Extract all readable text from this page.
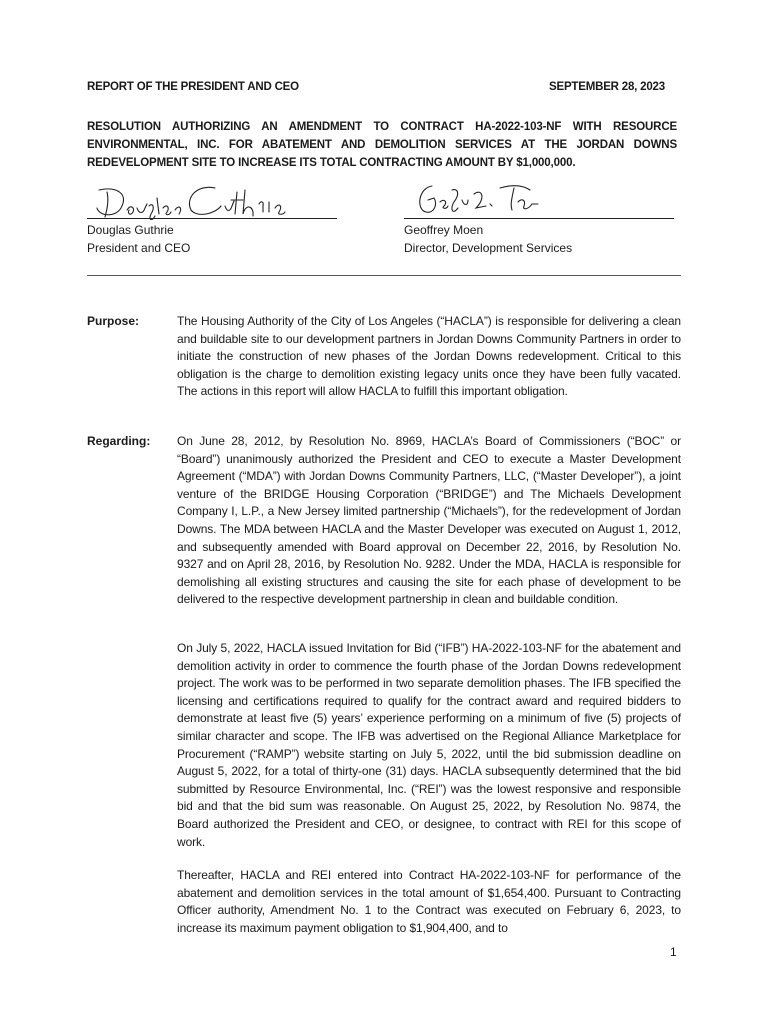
REPORT OF THE PRESIDENT AND CEO	SEPTEMBER 28, 2023
RESOLUTION AUTHORIZING AN AMENDMENT TO CONTRACT HA-2022-103-NF WITH RESOURCE ENVIRONMENTAL, INC. FOR ABATEMENT AND DEMOLITION SERVICES AT THE JORDAN DOWNS REDEVELOPMENT SITE TO INCREASE ITS TOTAL CONTRACTING AMOUNT BY $1,000,000.
Douglas Guthrie
President and CEO
Geoffrey Moen
Director, Development Services
Purpose:	The Housing Authority of the City of Los Angeles (“HACLA”) is responsible for delivering a clean and buildable site to our development partners in Jordan Downs Community Partners in order to initiate the construction of new phases of the Jordan Downs redevelopment. Critical to this obligation is the charge to demolition existing legacy units once they have been fully vacated. The actions in this report will allow HACLA to fulfill this important obligation.
Regarding: On June 28, 2012, by Resolution No. 8969, HACLA’s Board of Commissioners (“BOC” or “Board”) unanimously authorized the President and CEO to execute a Master Development Agreement (“MDA”) with Jordan Downs Community Partners, LLC, (“Master Developer”), a joint venture of the BRIDGE Housing Corporation (“BRIDGE”) and The Michaels Development Company I, L.P., a New Jersey limited partnership (“Michaels”), for the redevelopment of Jordan Downs. The MDA between HACLA and the Master Developer was executed on August 1, 2012, and subsequently amended with Board approval on December 22, 2016, by Resolution No. 9327 and on April 28, 2016, by Resolution No. 9282. Under the MDA, HACLA is responsible for demolishing all existing structures and causing the site for each phase of development to be delivered to the respective development partnership in clean and buildable condition.
On July 5, 2022, HACLA issued Invitation for Bid (“IFB”) HA-2022-103-NF for the abatement and demolition activity in order to commence the fourth phase of the Jordan Downs redevelopment project. The work was to be performed in two separate demolition phases. The IFB specified the licensing and certifications required to qualify for the contract award and required bidders to demonstrate at least five (5) years’ experience performing on a minimum of five (5) projects of similar character and scope. The IFB was advertised on the Regional Alliance Marketplace for Procurement (“RAMP”) website starting on July 5, 2022, until the bid submission deadline on August 5, 2022, for a total of thirty-one (31) days. HACLA subsequently determined that the bid submitted by Resource Environmental, Inc. (“REI”) was the lowest responsive and responsible bid and that the bid sum was reasonable. On August 25, 2022, by Resolution No. 9874, the Board authorized the President and CEO, or designee, to contract with REI for this scope of work.
Thereafter, HACLA and REI entered into Contract HA-2022-103-NF for performance of the abatement and demolition services in the total amount of $1,654,400. Pursuant to Contracting Officer authority, Amendment No. 1 to the Contract was executed on February 6, 2023, to increase its maximum payment obligation to $1,904,400, and to
1
